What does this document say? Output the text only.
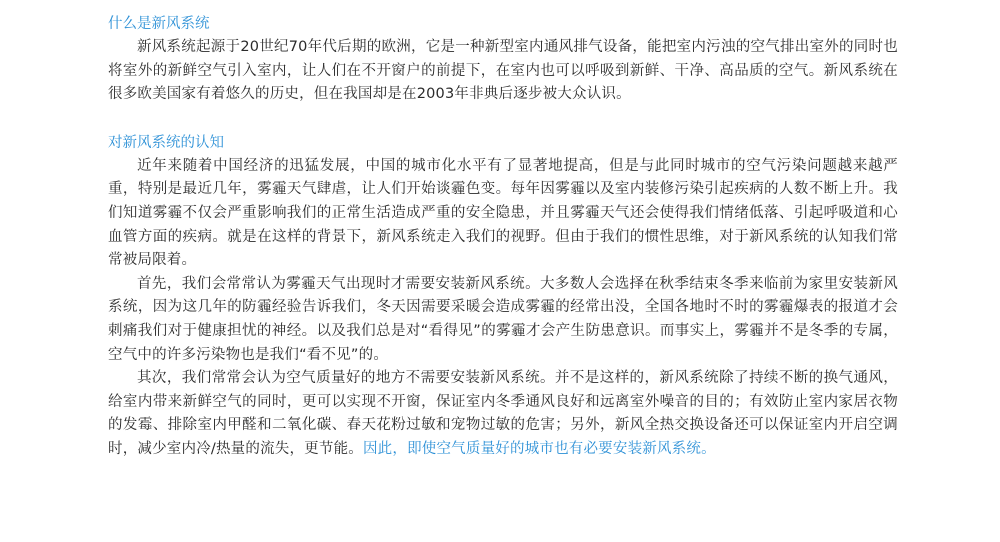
什么是新风系统

新风系统起源于20世纪70年代后期的欧洲，它是一种新型室内通风排气设备，能把室内污浊的空气排出室外的同时也将室外的新鲜空气引入室内，让人们在不开窗户的前提下，在室内也可以呼吸到新鲜、干净、高品质的空气。新风系统在很多欧美国家有着悠久的历史，但在我国却是在2003年非典后逐步被大众认识。

对新风系统的认知

近年来随着中国经济的迅猛发展，中国的城市化水平有了显著地提高，但是与此同时城市的空气污染问题越来越严重，特别是最近几年，雾霾天气肆虐，让人们开始谈霾色变。每年因雾霾以及室内装修污染引起疾病的人数不断上升。我们知道雾霾不仅会严重影响我们的正常生活造成严重的安全隐患，并且雾霾天气还会使得我们情绪低落、引起呼吸道和心血管方面的疾病。就是在这样的背景下，新风系统走入我们的视野。但由于我们的惯性思维，对于新风系统的认知我们常常被局限着。

首先，我们会常常认为雾霾天气出现时才需要安装新风系统。大多数人会选择在秋季结束冬季来临前为家里安装新风系统，因为这几年的防霾经验告诉我们，冬天因需要采暖会造成雾霾的经常出没，全国各地时不时的雾霾爆表的报道才会刺痛我们对于健康担忧的神经。以及我们总是对“看得见”的雾霾才会产生防患意识。而事实上，雾霾并不是冬季的专属，空气中的许多污染物也是我们“看不见”的。

其次，我们常常会认为空气质量好的地方不需要安装新风系统。并不是这样的，新风系统除了持续不断的换气通风，给室内带来新鲜空气的同时，更可以实现不开窗，保证室内冬季通风良好和远离室外噪音的目的；有效防止室内家居衣物的发霉、排除室内甲醛和二氧化碳、春天花粉过敏和宠物过敏的危害；另外，新风全热交换设备还可以保证室内开启空调时，减少室内冷/热量的流失，更节能。因此，即使空气质量好的城市也有必要安装新风系统。
